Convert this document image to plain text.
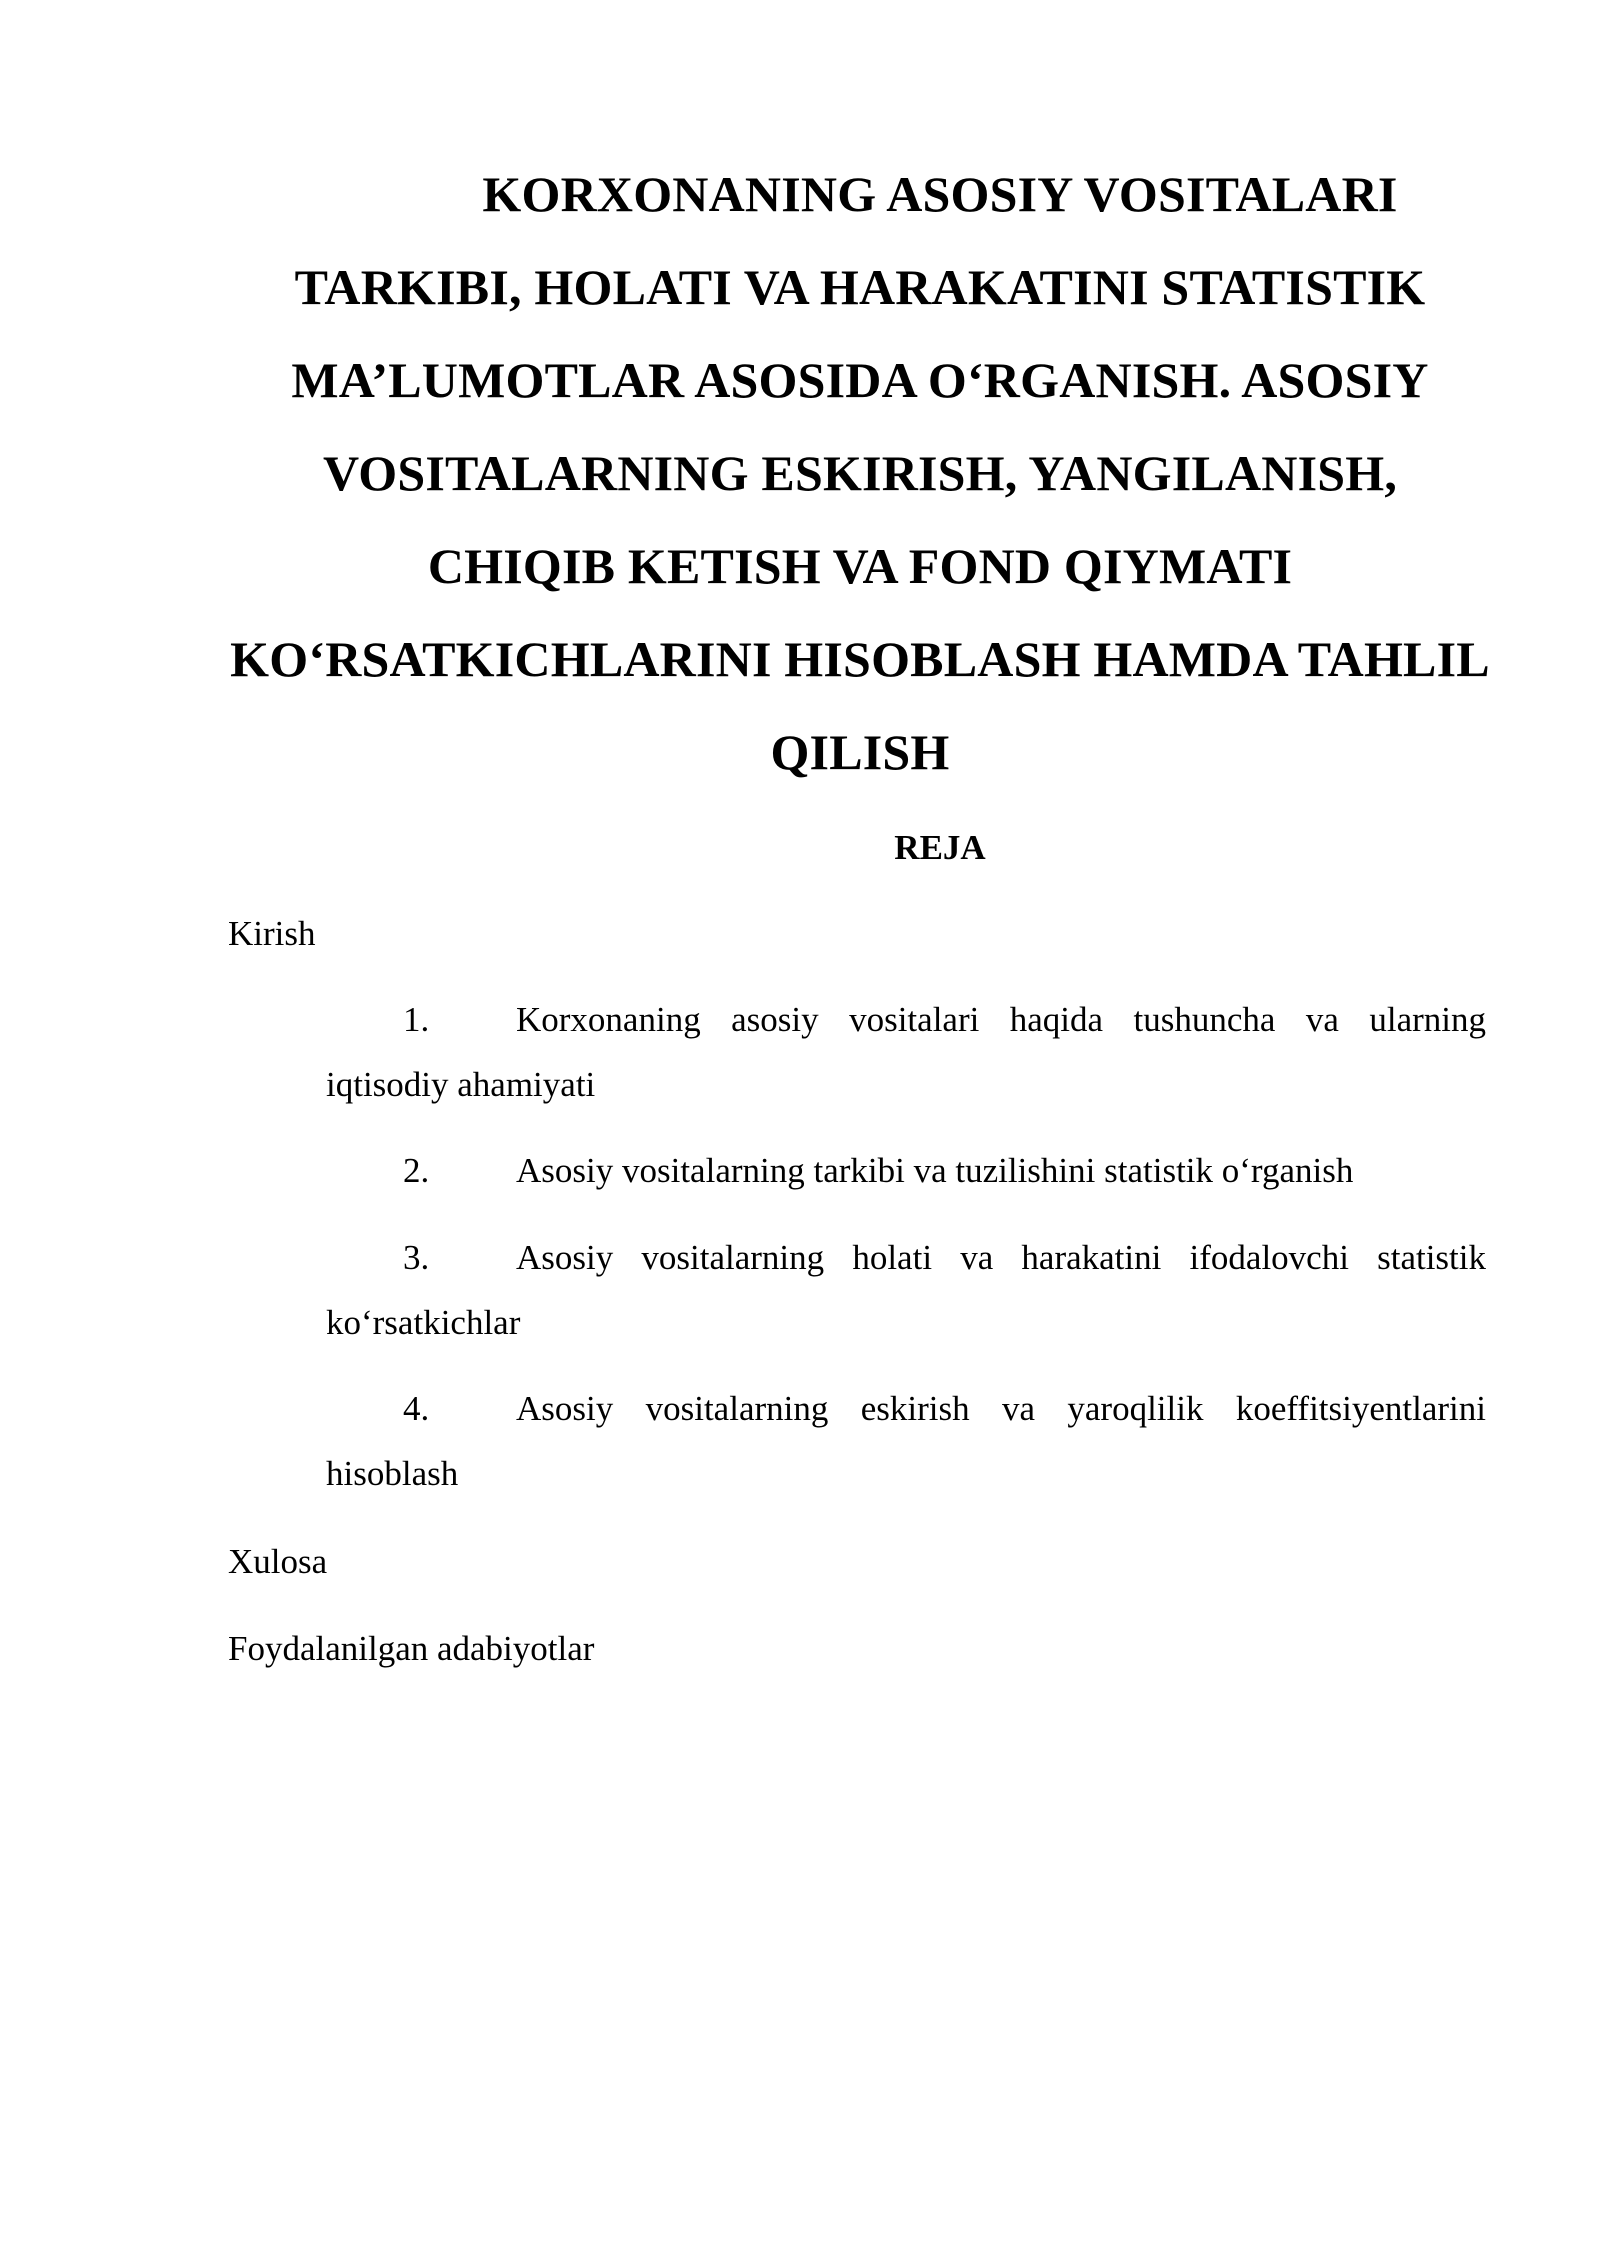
KORXONANING ASOSIY VOSITALARI TARKIBI, HOLATI VA HARAKATINI STATISTIK MA’LUMOTLAR ASOSIDA O‘RGANISH. ASOSIY VOSITALARNING ESKIRISH, YANGILANISH, CHIQIB KETISH VA FOND QIYMATI KO‘RSATKICHLARINI HISOBLASH HAMDA TAHLIL QILISH
REJA

Kirish

1. Korxonaning asosiy vositalari haqida tushuncha va ularning iqtisodiy ahamiyati

2. Asosiy vositalarning tarkibi va tuzilishini statistik o‘rganish

3. Asosiy vositalarning holati va harakatini ifodalovchi statistik ko‘rsatkichlar

4. Asosiy vositalarning eskirish va yaroqlilik koeffitsiyentlarini hisoblash

Xulosa

Foydalanilgan adabiyotlar
